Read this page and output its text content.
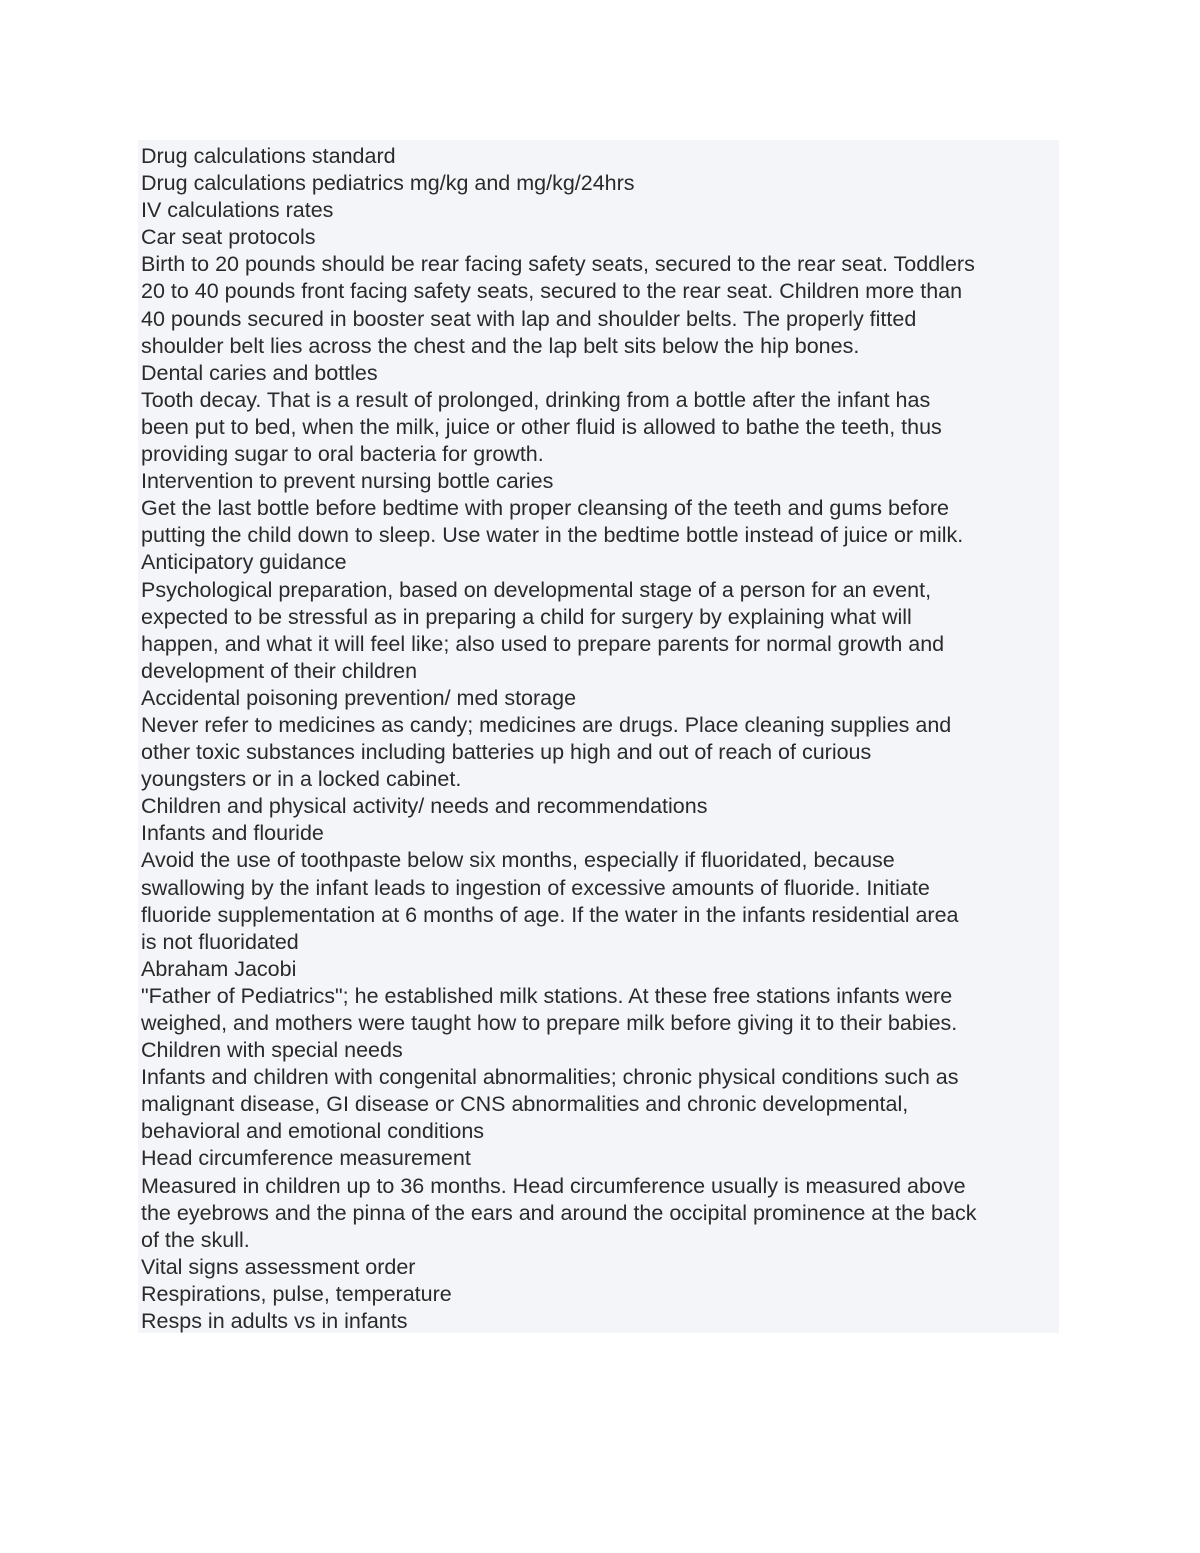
Drug calculations standard
Drug calculations pediatrics mg/kg and mg/kg/24hrs
IV calculations rates
Car seat protocols
Birth to 20 pounds should be rear facing safety seats, secured to the rear seat. Toddlers
20 to 40 pounds front facing safety seats, secured to the rear seat. Children more than
40 pounds secured in booster seat with lap and shoulder belts. The properly fitted
shoulder belt lies across the chest and the lap belt sits below the hip bones.
Dental caries and bottles
Tooth decay. That is a result of prolonged, drinking from a bottle after the infant has
been put to bed, when the milk, juice or other fluid is allowed to bathe the teeth, thus
providing sugar to oral bacteria for growth.
Intervention to prevent nursing bottle caries
Get the last bottle before bedtime with proper cleansing of the teeth and gums before
putting the child down to sleep. Use water in the bedtime bottle instead of juice or milk.
Anticipatory guidance
Psychological preparation, based on developmental stage of a person for an event,
expected to be stressful as in preparing a child for surgery by explaining what will
happen, and what it will feel like; also used to prepare parents for normal growth and
development of their children
Accidental poisoning prevention/ med storage
Never refer to medicines as candy; medicines are drugs. Place cleaning supplies and
other toxic substances including batteries up high and out of reach of curious
youngsters or in a locked cabinet.
Children and physical activity/ needs and recommendations
Infants and flouride
Avoid the use of toothpaste below six months, especially if fluoridated, because
swallowing by the infant leads to ingestion of excessive amounts of fluoride. Initiate
fluoride supplementation at 6 months of age. If the water in the infants residential area
is not fluoridated
Abraham Jacobi
"Father of Pediatrics"; he established milk stations. At these free stations infants were
weighed, and mothers were taught how to prepare milk before giving it to their babies.
Children with special needs
Infants and children with congenital abnormalities; chronic physical conditions such as
malignant disease, GI disease or CNS abnormalities and chronic developmental,
behavioral and emotional conditions
Head circumference measurement
Measured in children up to 36 months. Head circumference usually is measured above
the eyebrows and the pinna of the ears and around the occipital prominence at the back
of the skull.
Vital signs assessment order
Respirations, pulse, temperature
Resps in adults vs in infants
